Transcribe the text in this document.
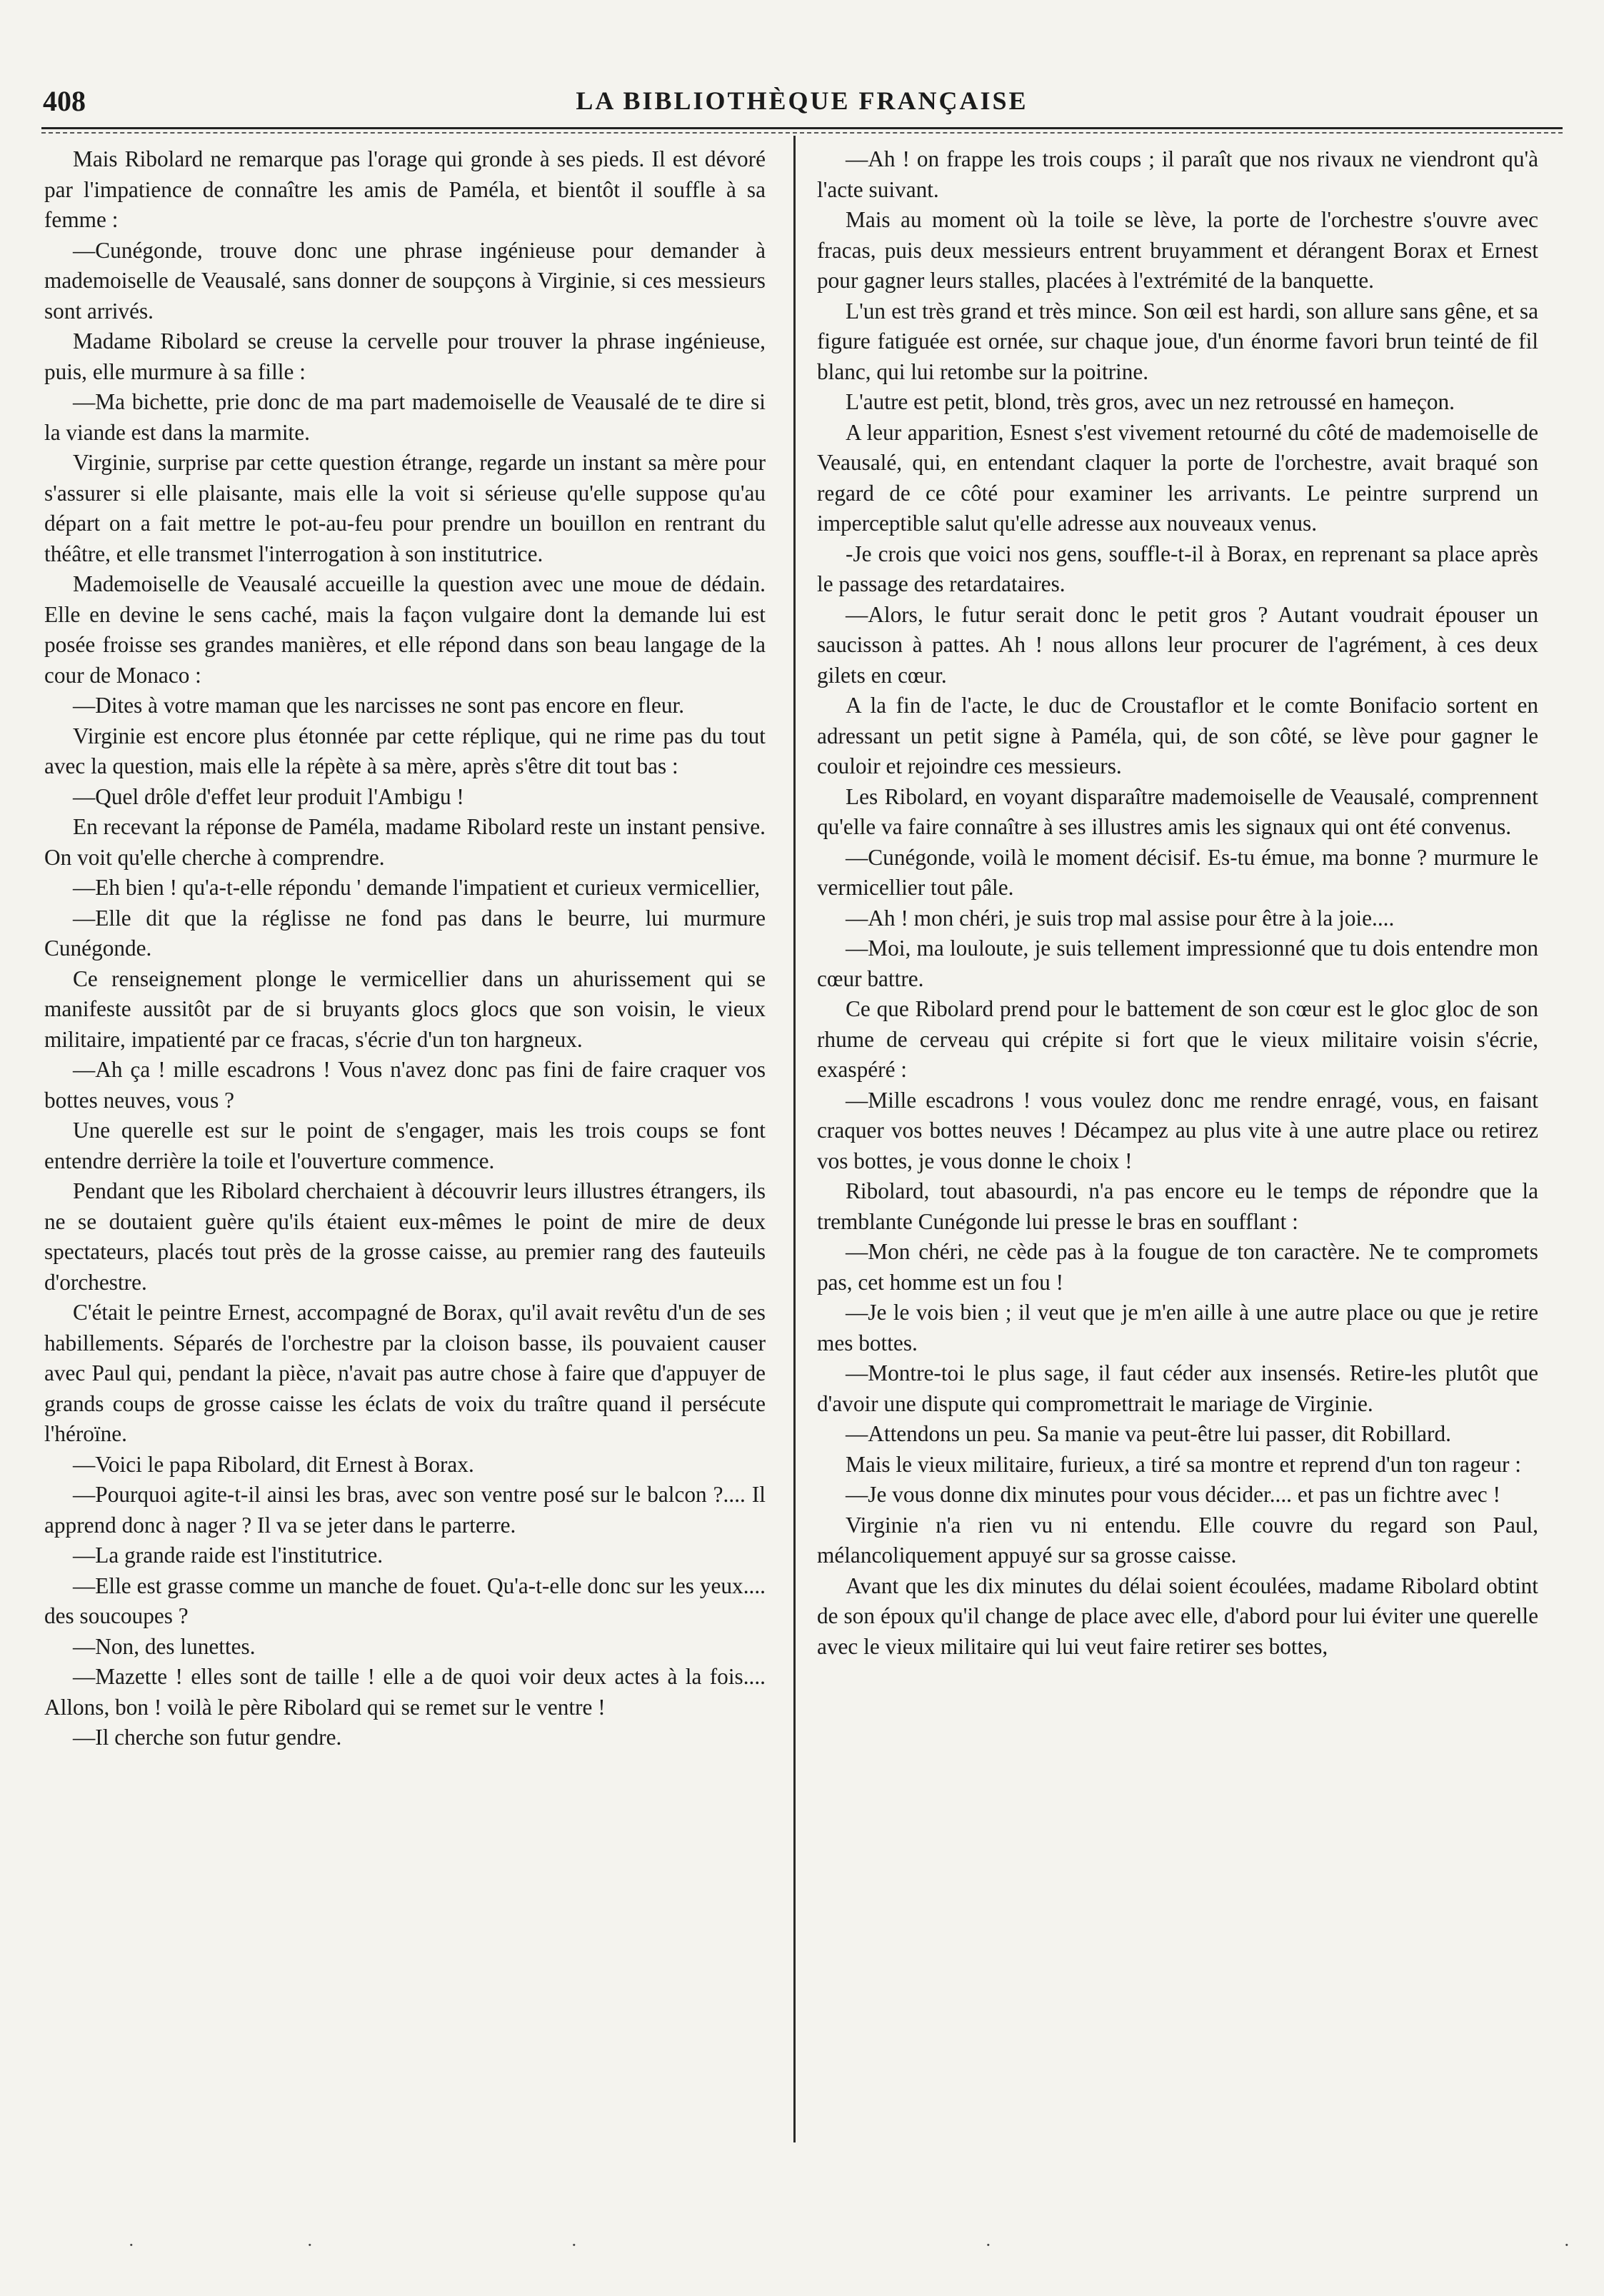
408	LA BIBLIOTHÈQUE FRANÇAISE

Mais Ribolard ne remarque pas l'orage qui gronde à ses pieds. Il est dévoré par l'impatience de connaître les amis de Paméla, et bientôt il souffle à sa femme :

—Cunégonde, trouve donc une phrase ingénieuse pour demander à mademoiselle de Veausalé, sans donner de soupçons à Virginie, si ces messieurs sont arrivés.

Madame Ribolard se creuse la cervelle pour trouver la phrase ingénieuse, puis, elle murmure à sa fille :

—Ma bichette, prie donc de ma part mademoiselle de Veausalé de te dire si la viande est dans la marmite.

Virginie, surprise par cette question étrange, regarde un instant sa mère pour s'assurer si elle plaisante, mais elle la voit si sérieuse qu'elle suppose qu'au départ on a fait mettre le pot-au-feu pour prendre un bouillon en rentrant du théâtre, et elle transmet l'interrogation à son institutrice.

Mademoiselle de Veausalé accueille la question avec une moue de dédain. Elle en devine le sens caché, mais la façon vulgaire dont la demande lui est posée froisse ses grandes manières, et elle répond dans son beau langage de la cour de Monaco :

—Dites à votre maman que les narcisses ne sont pas encore en fleur.

Virginie est encore plus étonnée par cette réplique, qui ne rime pas du tout avec la question, mais elle la répète à sa mère, après s'être dit tout bas :

—Quel drôle d'effet leur produit l'Ambigu !

En recevant la réponse de Paméla, madame Ribolard reste un instant pensive. On voit qu'elle cherche à comprendre.

—Eh bien ! qu'a-t-elle répondu ' demande l'impatient et curieux vermicellier,

—Elle dit que la réglisse ne fond pas dans le beurre, lui murmure Cunégonde.

Ce renseignement plonge le vermicellier dans un ahurissement qui se manifeste aussitôt par de si bruyants glocs glocs que son voisin, le vieux militaire, impatienté par ce fracas, s'écrie d'un ton hargneux.

—Ah ça ! mille escadrons ! Vous n'avez donc pas fini de faire craquer vos bottes neuves, vous ?

Une querelle est sur le point de s'engager, mais les trois coups se font entendre derrière la toile et l'ouverture commence.

Pendant que les Ribolard cherchaient à découvrir leurs illustres étrangers, ils ne se doutaient guère qu'ils étaient eux-mêmes le point de mire de deux spectateurs, placés tout près de la grosse caisse, au premier rang des fauteuils d'orchestre.

C'était le peintre Ernest, accompagné de Borax, qu'il avait revêtu d'un de ses habillements. Séparés de l'orchestre par la cloison basse, ils pouvaient causer avec Paul qui, pendant la pièce, n'avait pas autre chose à faire que d'appuyer de grands coups de grosse caisse les éclats de voix du traître quand il persécute l'héroïne.

—Voici le papa Ribolard, dit Ernest à Borax.

—Pourquoi agite-t-il ainsi les bras, avec son ventre posé sur le balcon ?.... Il apprend donc à nager ? Il va se jeter dans le parterre.

—La grande raide est l'institutrice.

—Elle est grasse comme un manche de fouet. Qu'a-t-elle donc sur les yeux.... des soucoupes ?

—Non, des lunettes.

—Mazette ! elles sont de taille ! elle a de quoi voir deux actes à la fois.... Allons, bon ! voilà le père Ribolard qui se remet sur le ventre !

—Il cherche son futur gendre.

—Ah ! on frappe les trois coups ; il paraît que nos rivaux ne viendront qu'à l'acte suivant.

Mais au moment où la toile se lève, la porte de l'orchestre s'ouvre avec fracas, puis deux messieurs entrent bruyamment et dérangent Borax et Ernest pour gagner leurs stalles, placées à l'extrémité de la banquette.

L'un est très grand et très mince. Son œil est hardi, son allure sans gêne, et sa figure fatiguée est ornée, sur chaque joue, d'un énorme favori brun teinté de fil blanc, qui lui retombe sur la poitrine.

L'autre est petit, blond, très gros, avec un nez retroussé en hameçon.

A leur apparition, Esnest s'est vivement retourné du côté de mademoiselle de Veausalé, qui, en entendant claquer la porte de l'orchestre, avait braqué son regard de ce côté pour examiner les arrivants. Le peintre surprend un imperceptible salut qu'elle adresse aux nouveaux venus.

-Je crois que voici nos gens, souffle-t-il à Borax, en reprenant sa place après le passage des retardataires.

—Alors, le futur serait donc le petit gros ? Autant voudrait épouser un saucisson à pattes. Ah ! nous allons leur procurer de l'agrément, à ces deux gilets en cœur.

A la fin de l'acte, le duc de Croustaflor et le comte Bonifacio sortent en adressant un petit signe à Paméla, qui, de son côté, se lève pour gagner le couloir et rejoindre ces messieurs.

Les Ribolard, en voyant disparaître mademoiselle de Veausalé, comprennent qu'elle va faire connaître à ses illustres amis les signaux qui ont été convenus.

—Cunégonde, voilà le moment décisif. Es-tu émue, ma bonne ? murmure le vermicellier tout pâle.

—Ah ! mon chéri, je suis trop mal assise pour être à la joie....

—Moi, ma louloute, je suis tellement impressionné que tu dois entendre mon cœur battre.

Ce que Ribolard prend pour le battement de son cœur est le gloc gloc de son rhume de cerveau qui crépite si fort que le vieux militaire voisin s'écrie, exaspéré :

—Mille escadrons ! vous voulez donc me rendre enragé, vous, en faisant craquer vos bottes neuves ! Décampez au plus vite à une autre place ou retirez vos bottes, je vous donne le choix !

Ribolard, tout abasourdi, n'a pas encore eu le temps de répondre que la tremblante Cunégonde lui presse le bras en soufflant :

—Mon chéri, ne cède pas à la fougue de ton caractère. Ne te compromets pas, cet homme est un fou !

—Je le vois bien ; il veut que je m'en aille à une autre place ou que je retire mes bottes.

—Montre-toi le plus sage, il faut céder aux insensés. Retire-les plutôt que d'avoir une dispute qui compromettrait le mariage de Virginie.

—Attendons un peu. Sa manie va peut-être lui passer, dit Robillard.

Mais le vieux militaire, furieux, a tiré sa montre et reprend d'un ton rageur :

—Je vous donne dix minutes pour vous décider.... et pas un fichtre avec !

Virginie n'a rien vu ni entendu. Elle couvre du regard son Paul, mélancoliquement appuyé sur sa grosse caisse.

Avant que les dix minutes du délai soient écoulées, madame Ribolard obtint de son époux qu'il change de place avec elle, d'abord pour lui éviter une querelle avec le vieux militaire qui lui veut faire retirer ses bottes,

·	·	·	·	·
